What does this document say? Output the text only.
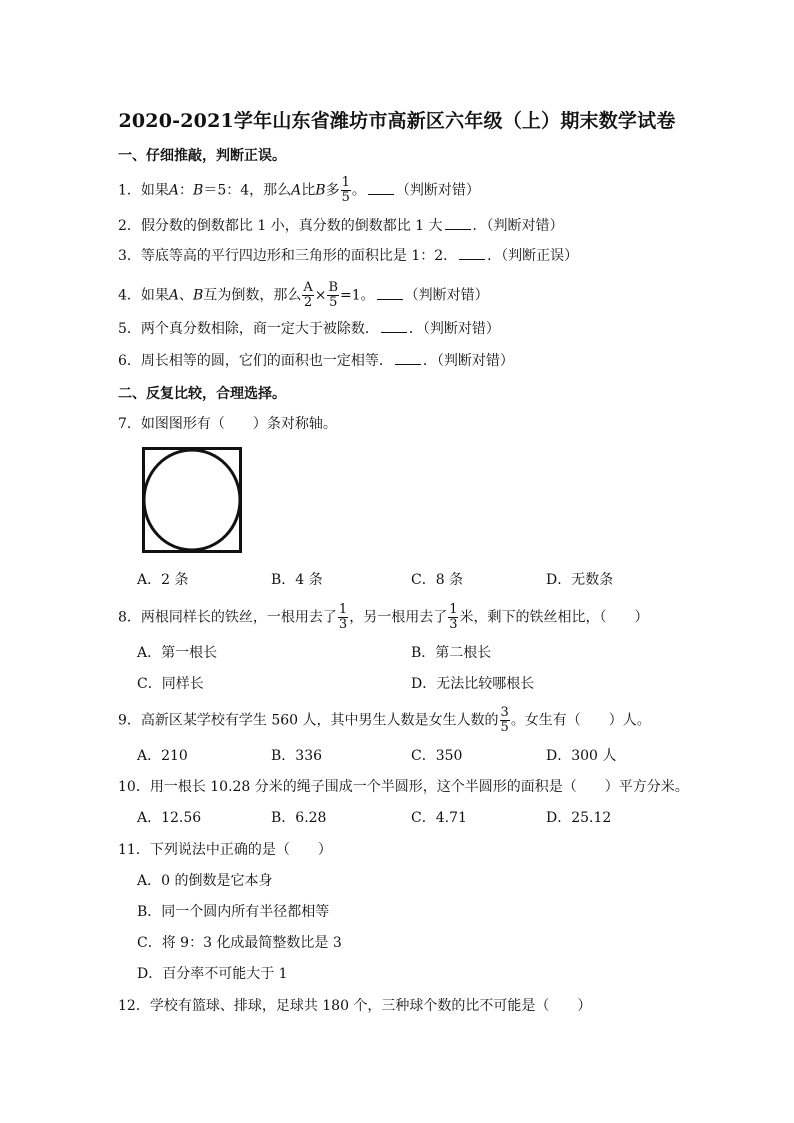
2020-2021学年山东省潍坊市高新区六年级（上）期末数学试卷
一、仔细推敲，判断正误。
1．如果A：B＝5：4，那么A比B多 $\frac{1}{5}$ 。 （判断对错）
2．假分数的倒数都比 1 小，真分数的倒数都比 1 大 ．（判断对错）
3．等底等高的平行四边形和三角形的面积比是 1：2． ．（判断正误）
4．如果A、B互为倒数，那么 $\frac{A}{2} \times \frac{B}{5} =1$。 （判断对错）
5．两个真分数相除，商一定大于被除数． ．（判断对错）
6．周长相等的圆，它们的面积也一定相等． ．（判断对错）
二、反复比较，合理选择。
7．如图图形有（　　）条对称轴。
A．2 条	B．4 条	C．8 条	D．无数条
8．两根同样长的铁丝，一根用去了 $\frac{1}{3}$ ，另一根用去了 $\frac{1}{3}$ 米，剩下的铁丝相比，（　　）
A．第一根长	B．第二根长
C．同样长	D．无法比较哪根长
9．高新区某学校有学生 560 人，其中男生人数是女生人数的 $\frac{3}{5}$ 。女生有（　　）人。
A．210	B．336	C．350	D．300 人
10．用一根长 10.28 分米的绳子围成一个半圆形，这个半圆形的面积是（　　）平方分米。
A．12.56	B．6.28	C．4.71	D．25.12
11．下列说法中正确的是（　　）
A．0 的倒数是它本身
B．同一个圆内所有半径都相等
C．将 9：3 化成最简整数比是 3
D．百分率不可能大于 1
12．学校有篮球、排球，足球共 180 个，三种球个数的比不可能是（　　）
